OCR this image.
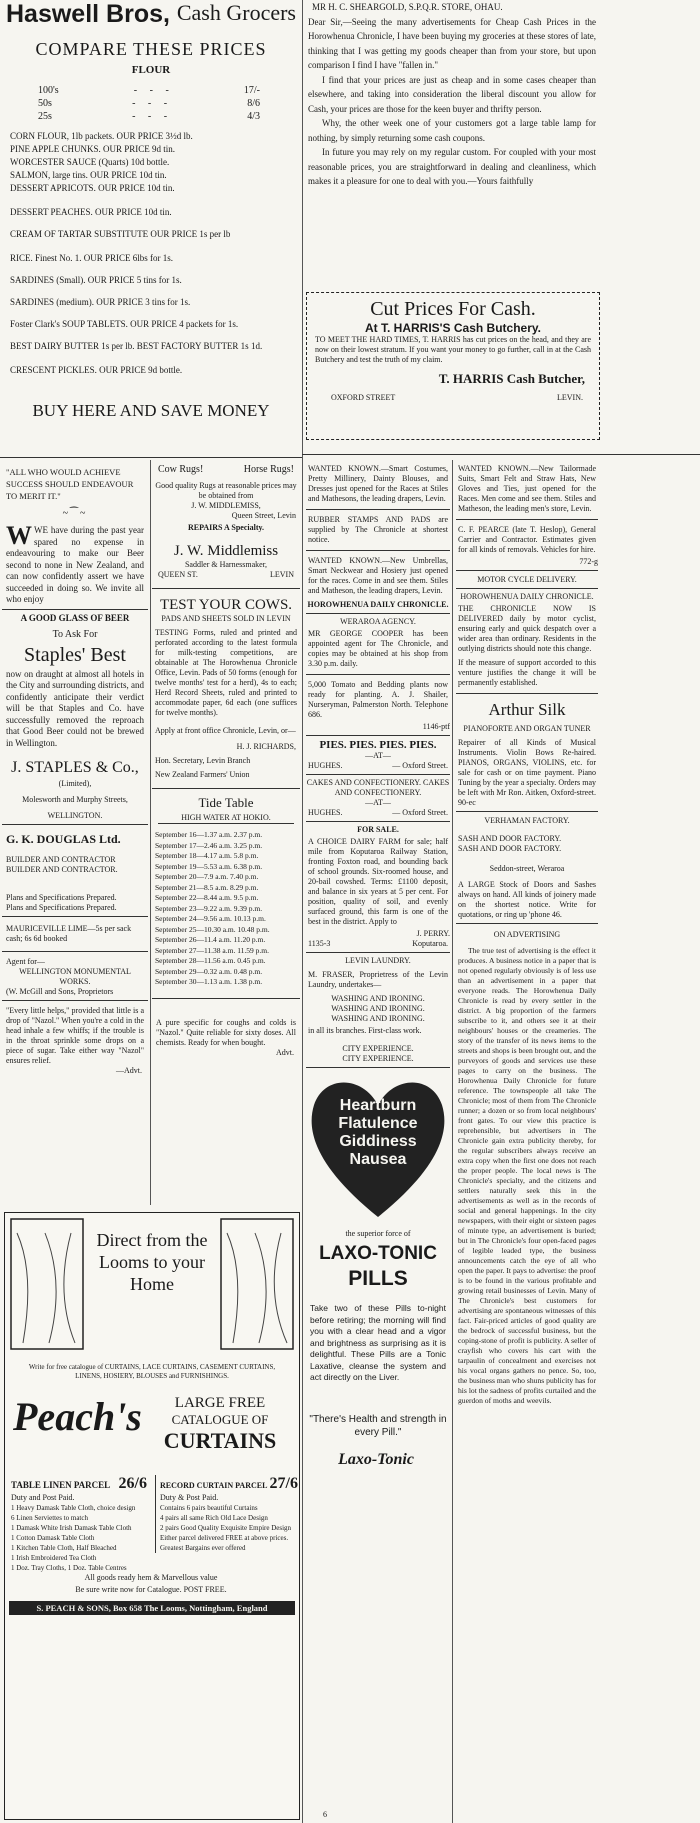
Haswell Bros, Cash Grocers
COMPARE THESE PRICES
FLOUR
100's	-     -     -	17/-
50s	-     -     -	8/6
25s	-     -     -	4/3
CORN FLOUR, 1lb packets. OUR PRICE 3½d lb.
PINE APPLE CHUNKS. OUR PRICE 9d tin.
WORCESTER SAUCE (Quarts) 10d bottle.
SALMON, large tins. OUR PRICE 10d tin.
DESSERT APRICOTS. OUR PRICE 10d tin.
DESSERT PEACHES. OUR PRICE 10d tin.
CREAM OF TARTAR SUBSTITUTE OUR PRICE 1s per lb
RICE. Finest No. 1. OUR PRICE 6lbs for 1s.
SARDINES (Small). OUR PRICE 5 tins for 1s.
SARDINES (medium). OUR PRICE 3 tins for 1s.
Foster Clark's SOUP TABLETS. OUR PRICE 4 packets for 1s.
BEST DAIRY BUTTER 1s per lb. BEST FACTORY BUTTER 1s 1d.
CRESCENT PICKLES. OUR PRICE 9d bottle.
BUY HERE AND SAVE MONEY

MR H. C. SHEARGOLD, S.P.Q.R. STORE, OHAU.

Dear Sir,—Seeing the many advertisements for Cheap Cash Prices in the Horowhenua Chronicle, I have been buying my groceries at these stores of late, thinking that I was getting my goods cheaper than from your store, but upon comparison I find I have "fallen in."

I find that your prices are just as cheap and in some cases cheaper than elsewhere, and taking into consideration the liberal discount you allow for Cash, your prices are those for the keen buyer and thrifty person.

Why, the other week one of your customers got a large table lamp for nothing, by simply returning some cash coupons.

In future you may rely on my regular custom. For coupled with your most reasonable prices, you are straightforward in dealing and cleanliness, which makes it a pleasure for one to deal with you.—Yours faithfully

Cut Prices For Cash.
At T. HARRIS'S Cash Butchery.

TO MEET THE HARD TIMES, T. HARRIS has cut prices on the head, and they are now on their lowest stratum. If you want your money to go further, call in at the Cash Butchery and test the truth of my claim.

T. HARRIS Cash Butcher,
OXFORD STREET	LEVIN.
"ALL WHO WOULD ACHIEVE SUCCESS SHOULD ENDEAVOUR TO MERIT IT."
~⁀~

WWE have during the past year spared no expense in endeavouring to make our Beer second to none in New Zealand, and can now confidently assert we have succeeded in doing so. We invite all who enjoy

A GOOD GLASS OF BEER
To Ask For
Staples' Best

now on draught at almost all hotels in the City and surrounding districts, and confidently anticipate their verdict will be that Staples and Co. have successfully removed the reproach that Good Beer could not be brewed in Wellington.

J. STAPLES & Co.,
(Limited),
Molesworth and Murphy Streets,
WELLINGTON.
G. K. DOUGLAS Ltd.
BUILDER AND CONTRACTOR
BUILDER AND CONTRACTOR.
Plans and Specifications Prepared.
Plans and Specifications Prepared.
MAURICEVILLE LIME—5s per sack cash; 6s 6d booked
Agent for—
WELLINGTON MONUMENTAL WORKS.
(W. McGill and Sons, Proprietors

"Every little helps," provided that little is a drop of "Nazol." When you're a cold in the head inhale a few whiffs; if the trouble is in the throat sprinkle some drops on a piece of sugar. Take either way "Nazol" ensures relief.

—Advt.
Cow Rugs!	Horse Rugs!

Good quality Rugs at reasonable prices may be obtained from

J. W. MIDDLEMISS,
Queen Street, Levin
REPAIRS A Specialty.
J. W. Middlemiss
Saddler & Harnessmaker,
QUEEN ST.	LEVIN
TEST YOUR COWS.
PADS AND SHEETS SOLD IN LEVIN

TESTING Forms, ruled and printed and perforated according to the latest formula for milk-testing competitions, are obtainable at The Horowhenua Chronicle Office, Levin. Pads of 50 forms (enough for twelve months' test for a herd), 4s to each; Herd Record Sheets, ruled and printed to accommodate paper, 6d each (one suffices for twelve months).

Apply at front office Chronicle, Levin, or—

H. J. RICHARDS,
Hon. Secretary, Levin Branch
New Zealand Farmers' Union
Tide Table
HIGH WATER AT HOKIO.
September 16—1.37 a.m. 2.37 p.m.
September 17—2.46 a.m. 3.25 p.m.
September 18—4.17 a.m. 5.8 p.m.
September 19—5.53 a.m. 6.38 p.m.
September 20—7.9 a.m. 7.40 p.m.
September 21—8.5 a.m. 8.29 p.m.
September 22—8.44 a.m. 9.5 p.m.
September 23—9.22 a.m. 9.39 p.m.
September 24—9.56 a.m. 10.13 p.m.
September 25—10.30 a.m. 10.48 p.m.
September 26—11.4 a.m. 11.20 p.m.
September 27—11.38 a.m. 11.59 p.m.
September 28—11.56 a.m. 0.45 p.m.
September 29—0.32 a.m. 0.48 p.m.
September 30—1.13 a.m. 1.38 p.m.

A pure specific for coughs and colds is "Nazol." Quite reliable for sixty doses. All chemists. Ready for when bought.

Advt.
Direct from the Looms to your Home

Write for free catalogue of CURTAINS, LACE CURTAINS, CASEMENT CURTAINS, LINENS, HOSIERY, BLOUSES and FURNISHINGS.

Peach's	LARGE FREE
CATALOGUE OF
CURTAINS
TABLE LINEN PARCEL 26/6
Duty and Post Paid.
1 Heavy Damask Table Cloth, choice design
6 Linen Serviettes to match
1 Damask White Irish Damask Table Cloth
1 Cotton Damask Table Cloth
1 Kitchen Table Cloth, Half Bleached
1 Irish Embroidered Tea Cloth
1 Doz. Tray Cloths, 1 Doz. Table Centres
RECORD CURTAIN PARCEL 27/6
Duty & Post Paid.
Contains 6 pairs beautiful Curtains
4 pairs all same Rich Old Lace Design
2 pairs Good Quality Exquisite Empire Design
Either parcel delivered FREE at above prices.
Greatest Bargains ever offered
All goods ready hem & Marvellous value
Be sure write now for Catalogue. POST FREE.
S. PEACH & SONS, Box 658 The Looms, Nottingham, England

WANTED KNOWN.—Smart Costumes, Pretty Millinery, Dainty Blouses, and Dresses just opened for the Races at Stiles and Mathesons, the leading drapers, Levin.

RUBBER STAMPS AND PADS are supplied by The Chronicle at shortest notice.

WANTED KNOWN.—New Umbrellas, Smart Neckwear and Hosiery just opened for the races. Come in and see them. Stiles and Matheson, the leading drapers, Levin.

HOROWHENUA DAILY CHRONICLE.
WERAROA AGENCY.

MR GEORGE COOPER has been appointed agent for The Chronicle, and copies may be obtained at his shop from 3.30 p.m. daily.

5,000 Tomato and Bedding plants now ready for planting. A. J. Shailer, Nurseryman, Palmerston North. Telephone 686.

1146-ptf
PIES. PIES. PIES. PIES.
—AT—
HUGHES.	— Oxford Street.
CAKES AND CONFECTIONERY. CAKES AND CONFECTIONERY.
—AT—
HUGHES.	— Oxford Street.
FOR SALE.

A CHOICE DAIRY FARM for sale; half mile from Koputaroa Railway Station, fronting Foxton road, and bounding back of school grounds. Six-roomed house, and 20-bail cowshed. Terms: £1100 deposit, and balance in six years at 5 per cent. For position, quality of soil, and evenly surfaced ground, this farm is one of the best in the district. Apply to

J. PERRY.
1135-3	Koputaroa.
LEVIN LAUNDRY.

M. FRASER, Proprietress of the Levin Laundry, undertakes—

WASHING AND IRONING.
WASHING AND IRONING.
WASHING AND IRONING.
in all its branches. First-class work.
CITY EXPERIENCE.
CITY EXPERIENCE.
Heartburn
Flatulence
Giddiness
Nausea
the superior force of
LAXO-TONIC
PILLS

Take two of these Pills to-night before retiring; the morning will find you with a clear head and a vigor and brightness as surprising as it is delightful. These Pills are a Tonic Laxative, cleanse the system and act directly on the Liver.

"There's Health and strength in every Pill."
Laxo-Tonic

WANTED KNOWN.—New Tailormade Suits, Smart Felt and Straw Hats, New Gloves and Ties, just opened for the Races. Men come and see them. Stiles and Matheson, the leading men's store, Levin.

C. F. PEARCE (late T. Heslop), General Carrier and Contractor. Estimates given for all kinds of removals. Vehicles for hire.

772-g
MOTOR CYCLE DELIVERY.
HOROWHENUA DAILY CHRONICLE.

THE CHRONICLE NOW IS DELIVERED daily by motor cyclist, ensuring early and quick despatch over a wider area than ordinary. Residents in the outlying districts should note this change.

If the measure of support accorded to this venture justifies the change it will be permanently established.

Arthur Silk
PIANOFORTE AND ORGAN TUNER

Repairer of all Kinds of Musical Instruments. Violin Bows Re-haired. PIANOS, ORGANS, VIOLINS, etc. for sale for cash or on time payment. Piano Tuning by the year a specialty. Orders may be left with Mr Ron. Aitken, Oxford-street.

90-ec
VERHAMAN FACTORY.
SASH AND DOOR FACTORY.
SASH AND DOOR FACTORY.
Seddon-street, Weraroa

A LARGE Stock of Doors and Sashes always on hand. All kinds of joinery made on the shortest notice. Write for quotations, or ring up 'phone 46.

ON ADVERTISING

The true test of advertising is the effect it produces. A business notice in a paper that is not opened regularly obviously is of less use than an advertisement in a paper that everyone reads. The Horowhenua Daily Chronicle is read by every settler in the district. A big proportion of the farmers subscribe to it, and others see it at their neighbours' houses or the creameries. The story of the transfer of its news items to the streets and shops is been brought out, and the purveyors of goods and services use these pages to carry on the business. The Horowhenua Daily Chronicle for future reference. The townspeople all take The Chronicle; most of them from The Chronicle runner; a dozen or so from local neighbours' front gates. To our view this practice is reprehensible, but advertisers in The Chronicle gain extra publicity thereby, for the regular subscribers always receive an extra copy when the first one does not reach the proper people. The local news is The Chronicle's specialty, and the citizens and settlers naturally seek this in the advertisements as well as in the records of social and general happenings. In the city newspapers, with their eight or sixteen pages of minute type, an advertisement is buried; but in The Chronicle's four open-faced pages of legible leaded type, the business announcements catch the eye of all who open the paper. It pays to advertise: the proof is to be found in the various profitable and growing retail businesses of Levin. Many of The Chronicle's best customers for advertising are spontaneous witnesses of this fact. Fair-priced articles of good quality are the bedrock of successful business, but the coping-stone of profit is publicity. A seller of crayfish who covers his cart with the tarpaulin of concealment and exercises not his vocal organs gathers no pence. So, too, the business man who shuns publicity has for his lot the sadness of profits curtailed and the guerdon of moths and weevils.

6
